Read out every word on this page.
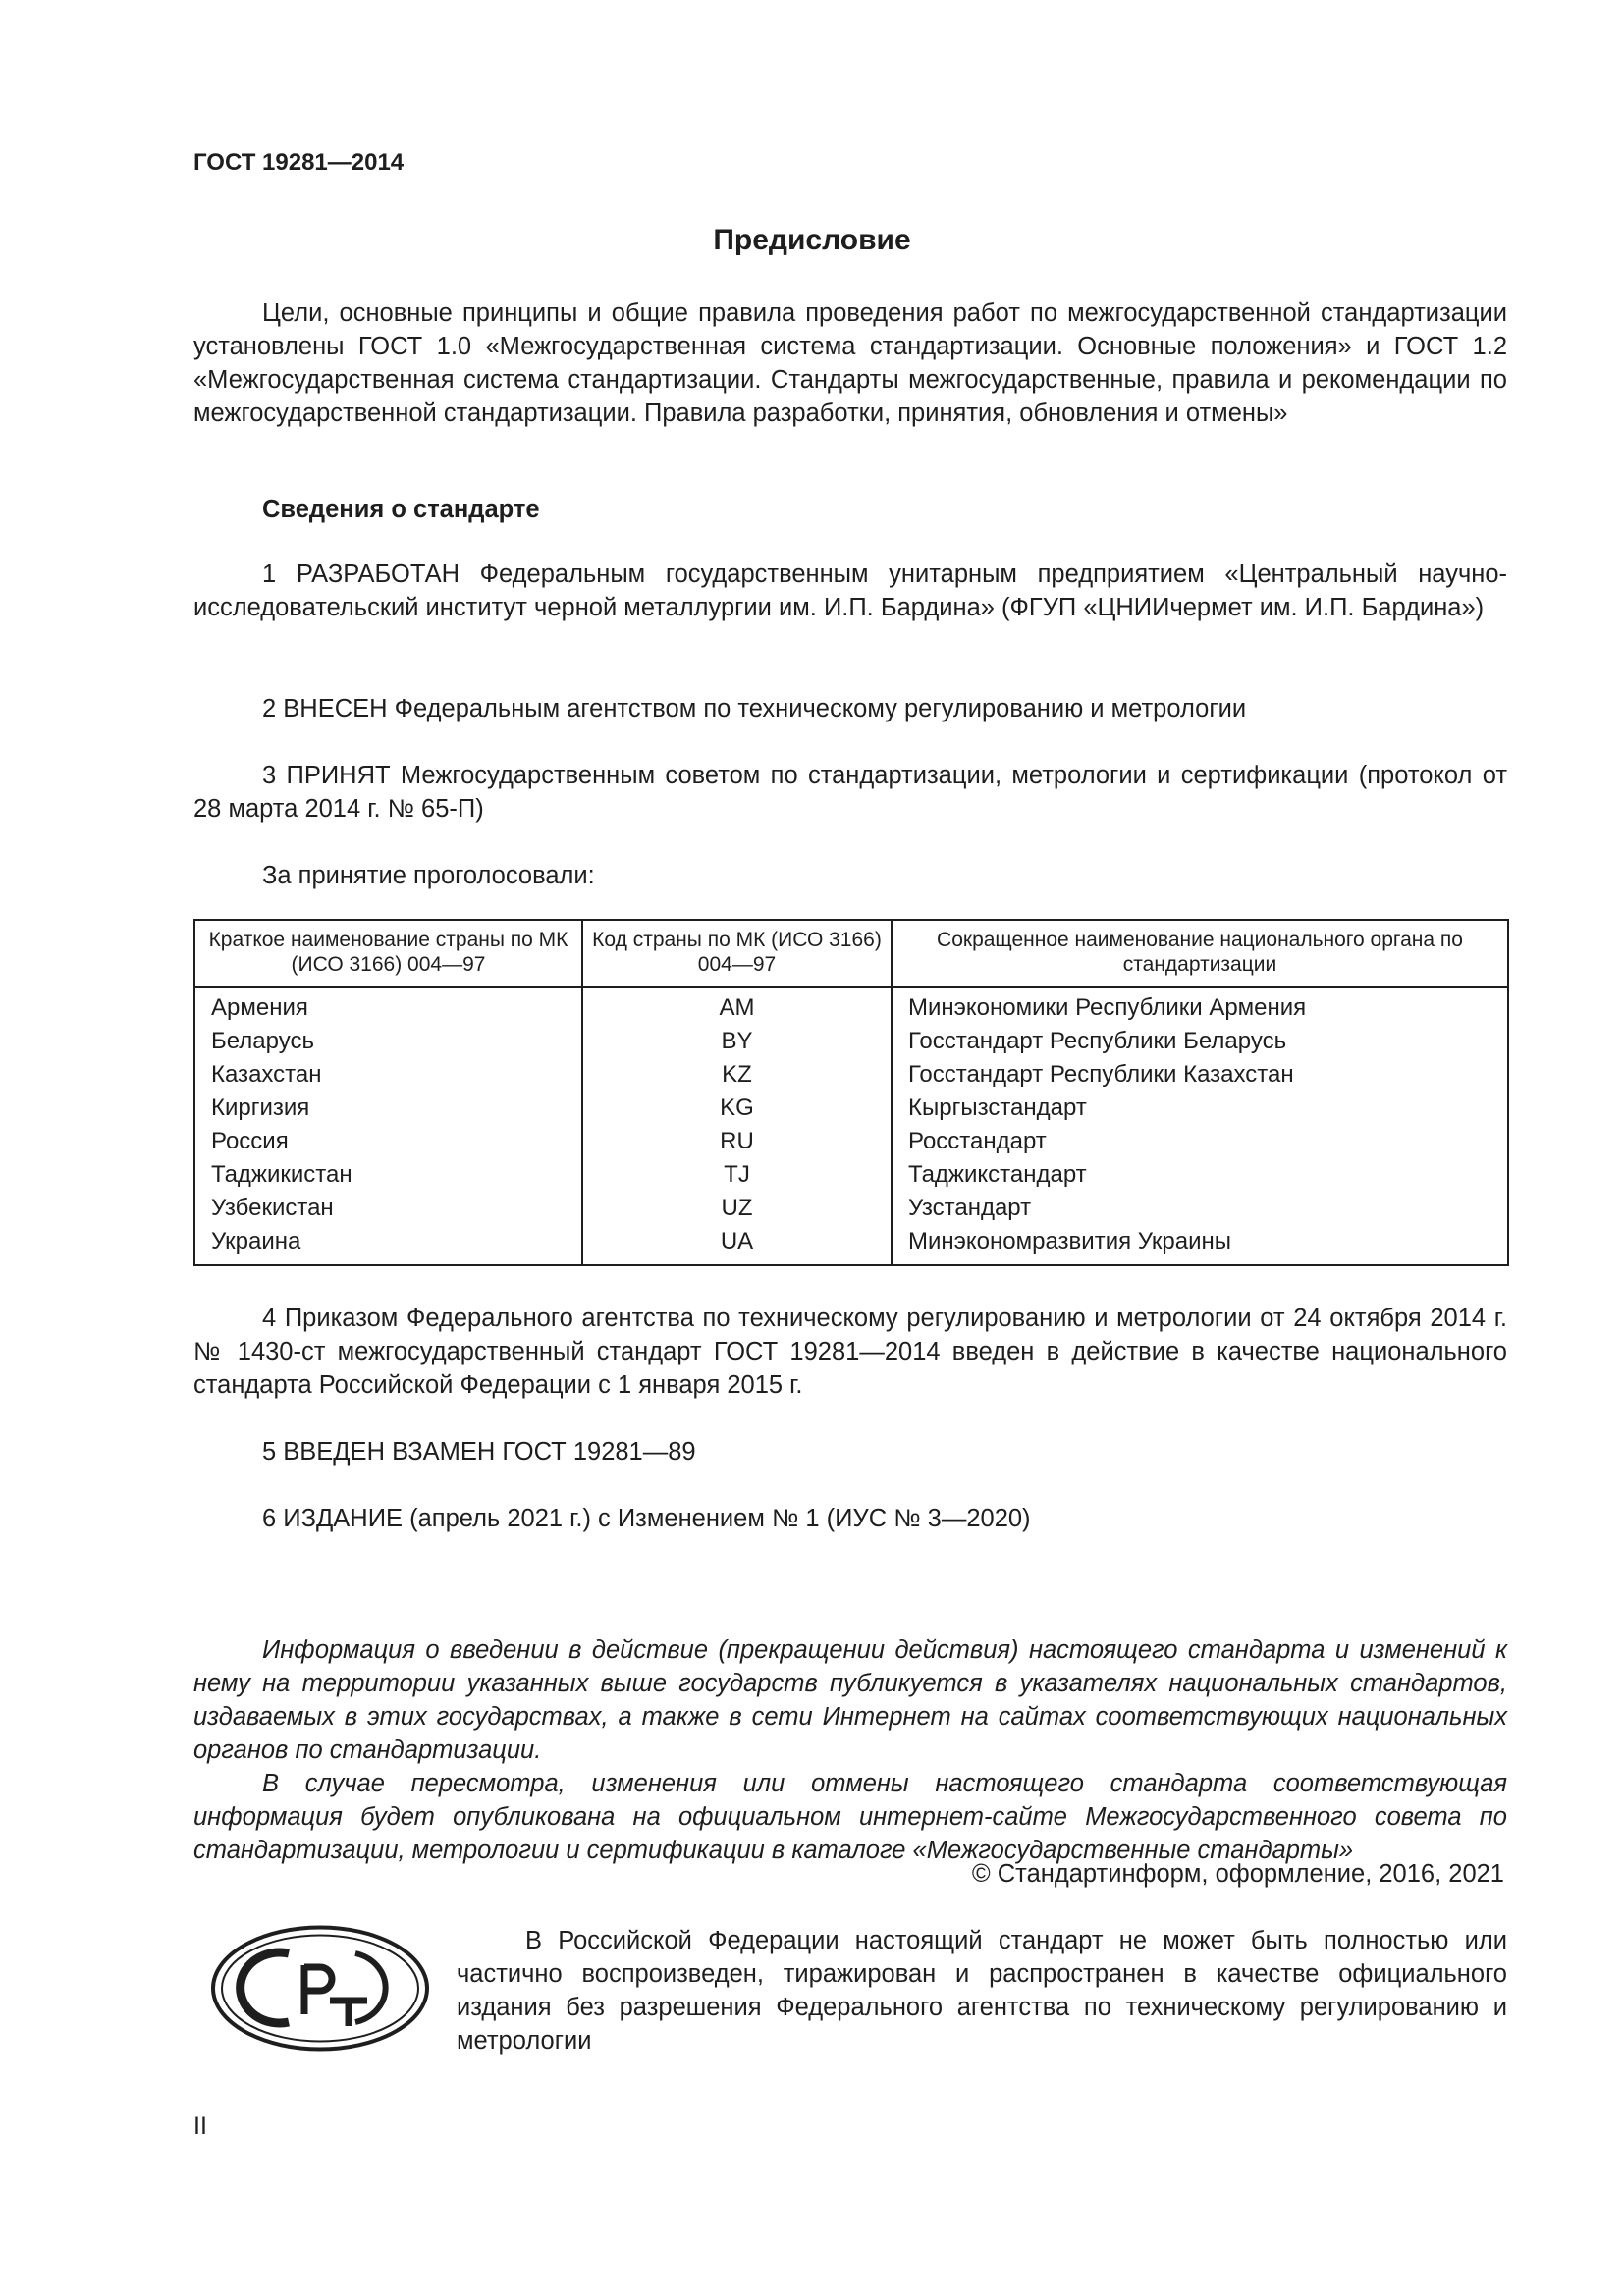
ГОСТ 19281—2014
Предисловие
Цели, основные принципы и общие правила проведения работ по межгосударственной стандартизации установлены ГОСТ 1.0 «Межгосударственная система стандартизации. Основные положения» и ГОСТ 1.2 «Межгосударственная система стандартизации. Стандарты межгосударственные, правила и рекомендации по межгосударственной стандартизации. Правила разработки, принятия, обновления и отмены»
Сведения о стандарте
1 РАЗРАБОТАН Федеральным государственным унитарным предприятием «Центральный научно-исследовательский институт черной металлургии им. И.П. Бардина» (ФГУП «ЦНИИчермет им. И.П. Бардина»)
2 ВНЕСЕН Федеральным агентством по техническому регулированию и метрологии
3 ПРИНЯТ Межгосударственным советом по стандартизации, метрологии и сертификации (протокол от 28 марта 2014 г. № 65-П)
За принятие проголосовали:
Краткое наименование страны по МК (ИСО 3166) 004—97	Код страны по МК (ИСО 3166) 004—97	Сокращенное наименование национального органа по стандартизации

Армения	AM	Минэкономики Республики Армения
Беларусь	BY	Госстандарт Республики Беларусь
Казахстан	KZ	Госстандарт Республики Казахстан
Киргизия	KG	Кыргызстандарт
Россия	RU	Росстандарт
Таджикистан	TJ	Таджикстандарт
Узбекистан	UZ	Узстандарт
Украина	UA	Минэкономразвития Украины
4 Приказом Федерального агентства по техническому регулированию и метрологии от 24 октября 2014 г. № 1430-ст межгосударственный стандарт ГОСТ 19281—2014 введен в действие в качестве национального стандарта Российской Федерации с 1 января 2015 г.
5 ВВЕДЕН ВЗАМЕН ГОСТ 19281—89
6 ИЗДАНИЕ (апрель 2021 г.) с Изменением № 1 (ИУС № 3—2020)
Информация о введении в действие (прекращении действия) настоящего стандарта и изменений к нему на территории указанных выше государств публикуется в указателях национальных стандартов, издаваемых в этих государствах, а также в сети Интернет на сайтах соответствующих национальных органов по стандартизации.
В случае пересмотра, изменения или отмены настоящего стандарта соответствующая информация будет опубликована на официальном интернет-сайте Межгосударственного совета по стандартизации, метрологии и сертификации в каталоге «Межгосударственные стандарты»
© Стандартинформ, оформление, 2016, 2021
В Российской Федерации настоящий стандарт не может быть полностью или частично воспроизведен, тиражирован и распространен в качестве официального издания без разрешения Федерального агентства по техническому регулированию и метрологии
II
